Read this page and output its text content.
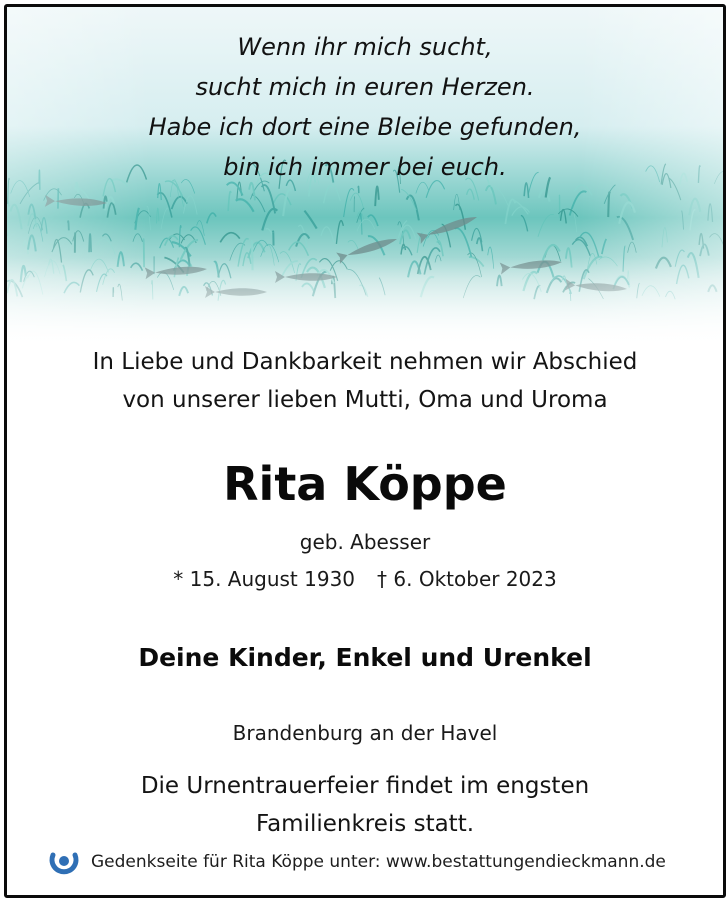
Wenn ihr mich sucht,
sucht mich in euren Herzen.
Habe ich dort eine Bleibe gefunden,
bin ich immer bei euch.
In Liebe und Dankbarkeit nehmen wir Abschied
von unserer lieben Mutti, Oma und Uroma
Rita Köppe
geb. Abesser
* 15. August 1930 † 6. Oktober 2023
Deine Kinder, Enkel und Urenkel
Brandenburg an der Havel
Die Urnentrauerfeier findet im engsten
Familienkreis statt.
Gedenkseite für Rita Köppe unter: www.bestattungendieckmann.de
